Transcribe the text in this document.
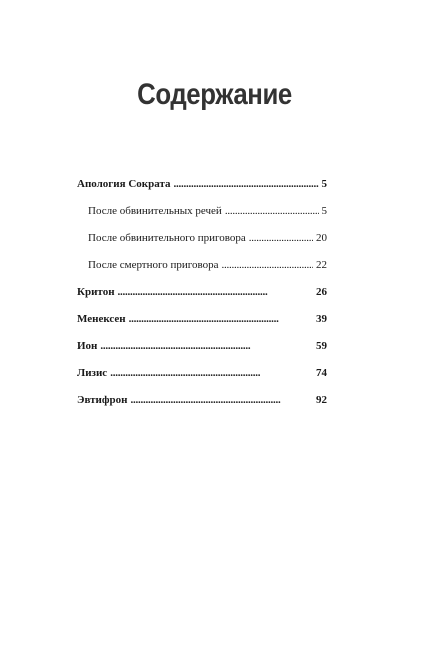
Содержание
Апология Сократа . . .	5
После обвинительных речей . . .	5
После обвинительного приговора . . .	20
После смертного приговора . . .	22
Критон . . .	26
Менексен . . .	39
Ион . . .	59
Лизис . . .	74
Эвтифрон . . .	92
